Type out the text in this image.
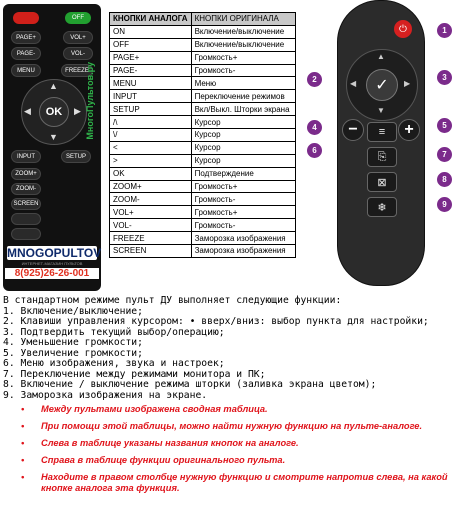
OFF
PAGE+	VOL+
PAGE-	VOL-
MENU	FREEZE
▲
▼
◀	▶
OK
INPUT	SETUP
ZOOM+
ZOOM-
SCREEN
МногоПультов.ру
MNOGOPULTOV
ИНТЕРНЕТ-МАГАЗИН ПУЛЬТОВ
8(925)26-26-001
КНОПКИ АНАЛОГА	КНОПКИ ОРИГИНАЛА
ON	Включение/выключение
OFF	Включение/выключение
PAGE+	Громкость+
PAGE-	Громкость-
MENU	Меню
INPUT	Переключение режимов
SETUP	Вкл/Выкл. Шторки экрана
/\	Курсор
\/	Курсор
<	Курсор
>	Курсор
OK	Подтверждение
ZOOM+	Громкость+
ZOOM-	Громкость-
VOL+	Громкость+
VOL-	Громкость-
FREEZE	Заморозка изображения
SCREEN	Заморозка изображения
⏻
▲
▼
◀	▶
✓
−	+
≡
⎘
⊠
❄
1
2	3
4	5
6	7
8
9
В стандартном режиме пульт ДУ выполняет следующие функции:
1. Включение/выключение;
2. Клавиши управления курсором: • вверх/вниз: выбор пункта для настройки;
3. Подтвердить текущий выбор/операцию;
4. Уменьшение громкости;
5. Увеличение громкости;
6. Меню изображения, звука и настроек;
7. Переключение между режимами монитора и ПК;
8. Включение / выключение режима шторки (заливка экрана цветом);
9. Заморозка изображения на экране.
• Между пультами изображена сводная таблица.
• При помощи этой таблицы, можно найти нужную функцию на пульте-аналоге.
• Слева в таблице указаны названия кнопок на аналоге.
• Справа в таблице функции оригинального пульта.
• Находите в правом столбце нужную функцию и смотрите напротив слева, на какой кнопке аналога эта функция.
